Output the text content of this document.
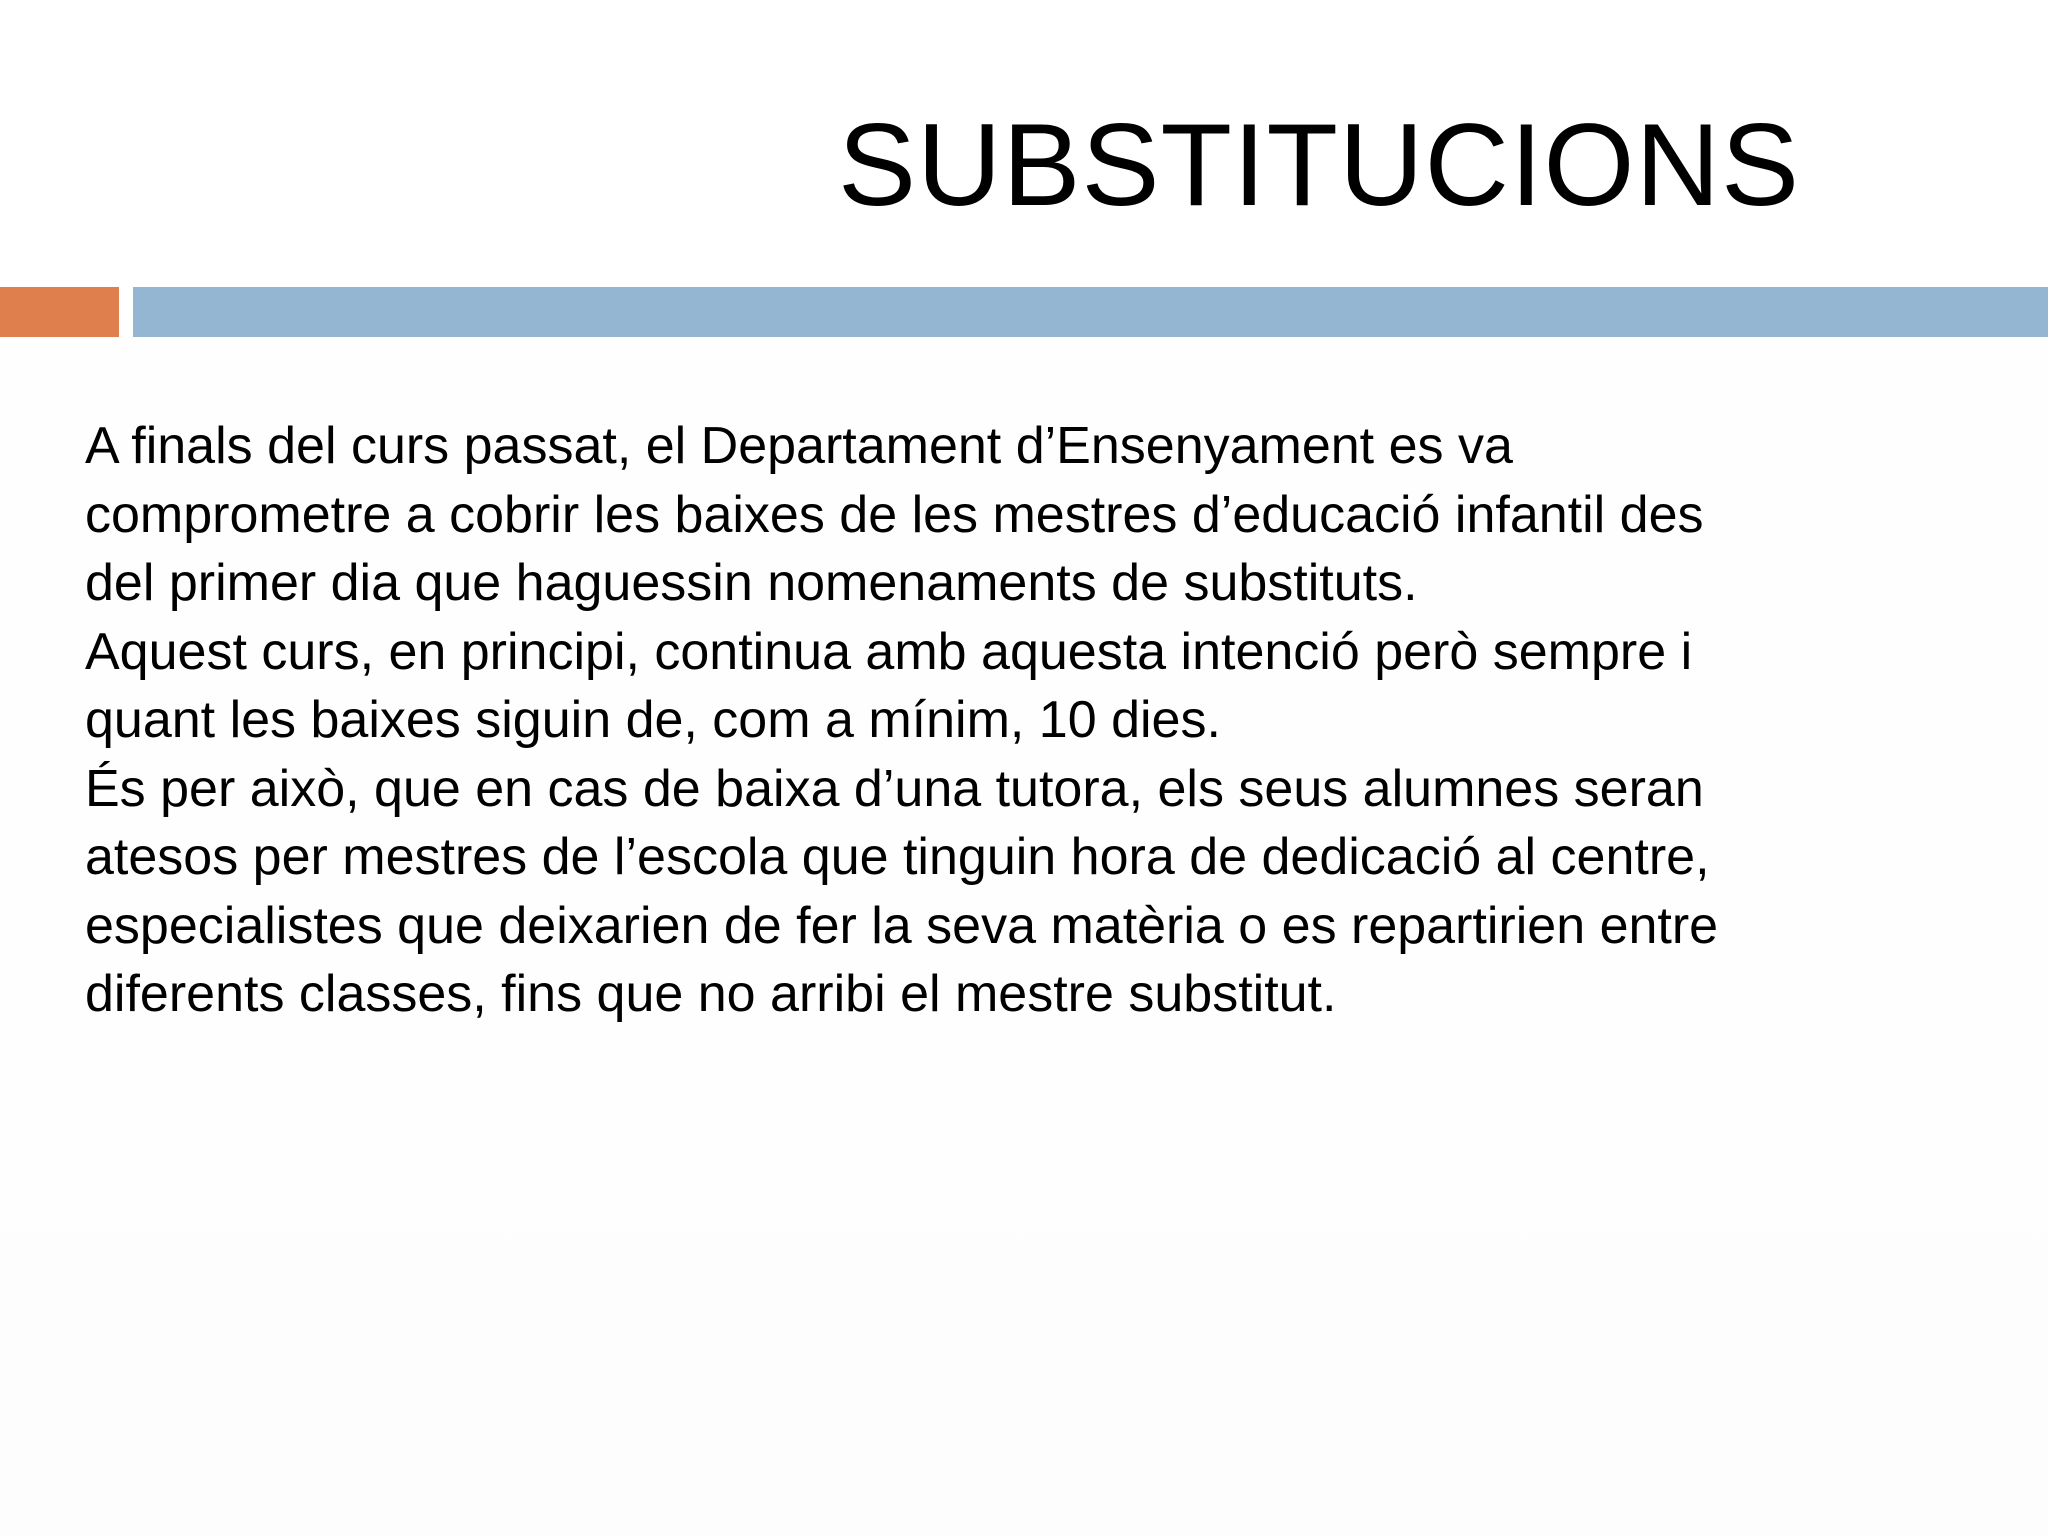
SUBSTITUCIONS

A finals del curs passat, el Departament d’Ensenyament es va
comprometre a cobrir les baixes de les mestres d’educació infantil des
del primer dia que haguessin nomenaments de substituts.

Aquest curs, en principi, continua amb aquesta intenció però sempre i
quant les baixes siguin de, com a mínim, 10 dies.

És per això, que en cas de baixa d’una tutora, els seus alumnes seran
atesos per mestres de l’escola que tinguin hora de dedicació al centre,
especialistes que deixarien de fer la seva matèria o es repartirien entre
diferents classes, fins que no arribi el mestre substitut.
